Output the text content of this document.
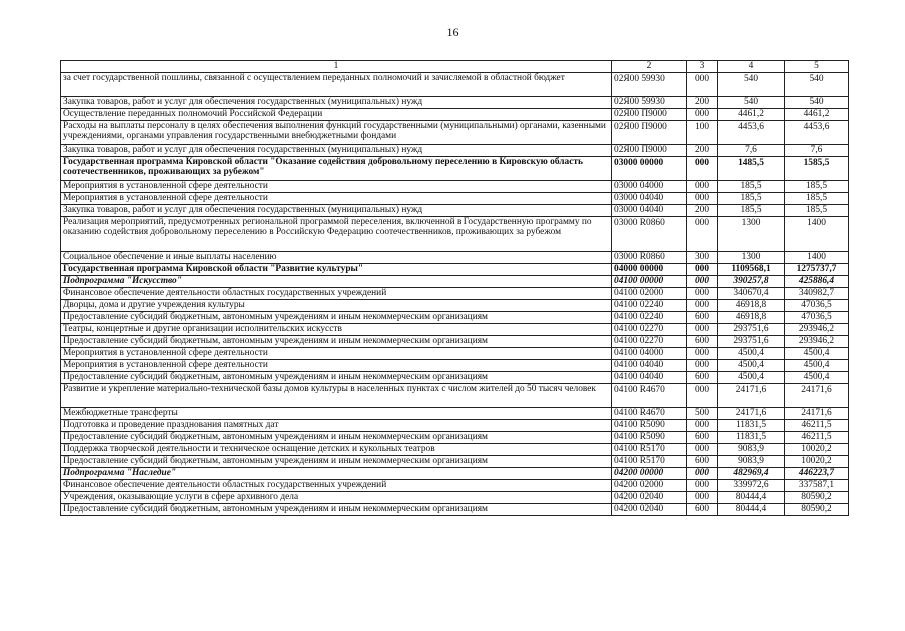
16
1	2	3	4	5
за счет государственной пошлины, связанной с осуществлением переданных полномочий и зачисляемой в областной бюджет	02Я00 59930	000	540	540
Закупка товаров, работ и услуг для обеспечения государственных (муниципальных) нужд	02Я00 59930	200	540	540
Осуществление переданных полномочий Российской Федерации	02Я00 П9000	000	4461,2	4461,2
Расходы на выплаты персоналу в целях обеспечения выполнения функций государственными (муниципальными) органами, казенными учреждениями, органами управления государственными внебюджетными фондами	02Я00 П9000	100	4453,6	4453,6
Закупка товаров, работ и услуг для обеспечения государственных (муниципальных) нужд	02Я00 П9000	200	7,6	7,6
Государственная программа Кировской области "Оказание содействия добровольному переселению в Кировскую область соотечественников, проживающих за рубежом"	03000 00000	000	1485,5	1585,5
Мероприятия в установленной сфере деятельности	03000 04000	000	185,5	185,5
Мероприятия в установленной сфере деятельности	03000 04040	000	185,5	185,5
Закупка товаров, работ и услуг для обеспечения государственных (муниципальных) нужд	03000 04040	200	185,5	185,5
Реализация мероприятий, предусмотренных региональной программой переселения, включенной в Государственную программу по оказанию содействия добровольному переселению в Российскую Федерацию соотечественников, проживающих за рубежом	03000 R0860	000	1300	1400
Социальное обеспечение и иные выплаты населению	03000 R0860	300	1300	1400
Государственная программа Кировской области "Развитие культуры"	04000 00000	000	1109568,1	1275737,7
Подпрограмма "Искусство"	04100 00000	000	390257,8	425886,4
Финансовое обеспечение деятельности областных государственных учреждений	04100 02000	000	340670,4	340982,7
Дворцы, дома и другие учреждения культуры	04100 02240	000	46918,8	47036,5
Предоставление субсидий бюджетным, автономным учреждениям и иным некоммерческим организациям	04100 02240	600	46918,8	47036,5
Театры, концертные и другие организации исполнительских искусств	04100 02270	000	293751,6	293946,2
Предоставление субсидий бюджетным, автономным учреждениям и иным некоммерческим организациям	04100 02270	600	293751,6	293946,2
Мероприятия в установленной сфере деятельности	04100 04000	000	4500,4	4500,4
Мероприятия в установленной сфере деятельности	04100 04040	000	4500,4	4500,4
Предоставление субсидий бюджетным, автономным учреждениям и иным некоммерческим организациям	04100 04040	600	4500,4	4500,4
Развитие и укрепление материально-технической базы домов культуры в населенных пунктах с числом жителей до 50 тысяч человек	04100 R4670	000	24171,6	24171,6
Межбюджетные трансферты	04100 R4670	500	24171,6	24171,6
Подготовка и проведение празднования памятных дат	04100 R5090	000	11831,5	46211,5
Предоставление субсидий бюджетным, автономным учреждениям и иным некоммерческим организациям	04100 R5090	600	11831,5	46211,5
Поддержка творческой деятельности и техническое оснащение детских и кукольных театров	04100 R5170	000	9083,9	10020,2
Предоставление субсидий бюджетным, автономным учреждениям и иным некоммерческим организациям	04100 R5170	600	9083,9	10020,2
Подпрограмма "Наследие"	04200 00000	000	482969,4	446223,7
Финансовое обеспечение деятельности областных государственных учреждений	04200 02000	000	339972,6	337587,1
Учреждения, оказывающие услуги в сфере архивного дела	04200 02040	000	80444,4	80590,2
Предоставление субсидий бюджетным, автономным учреждениям и иным некоммерческим организациям	04200 02040	600	80444,4	80590,2
